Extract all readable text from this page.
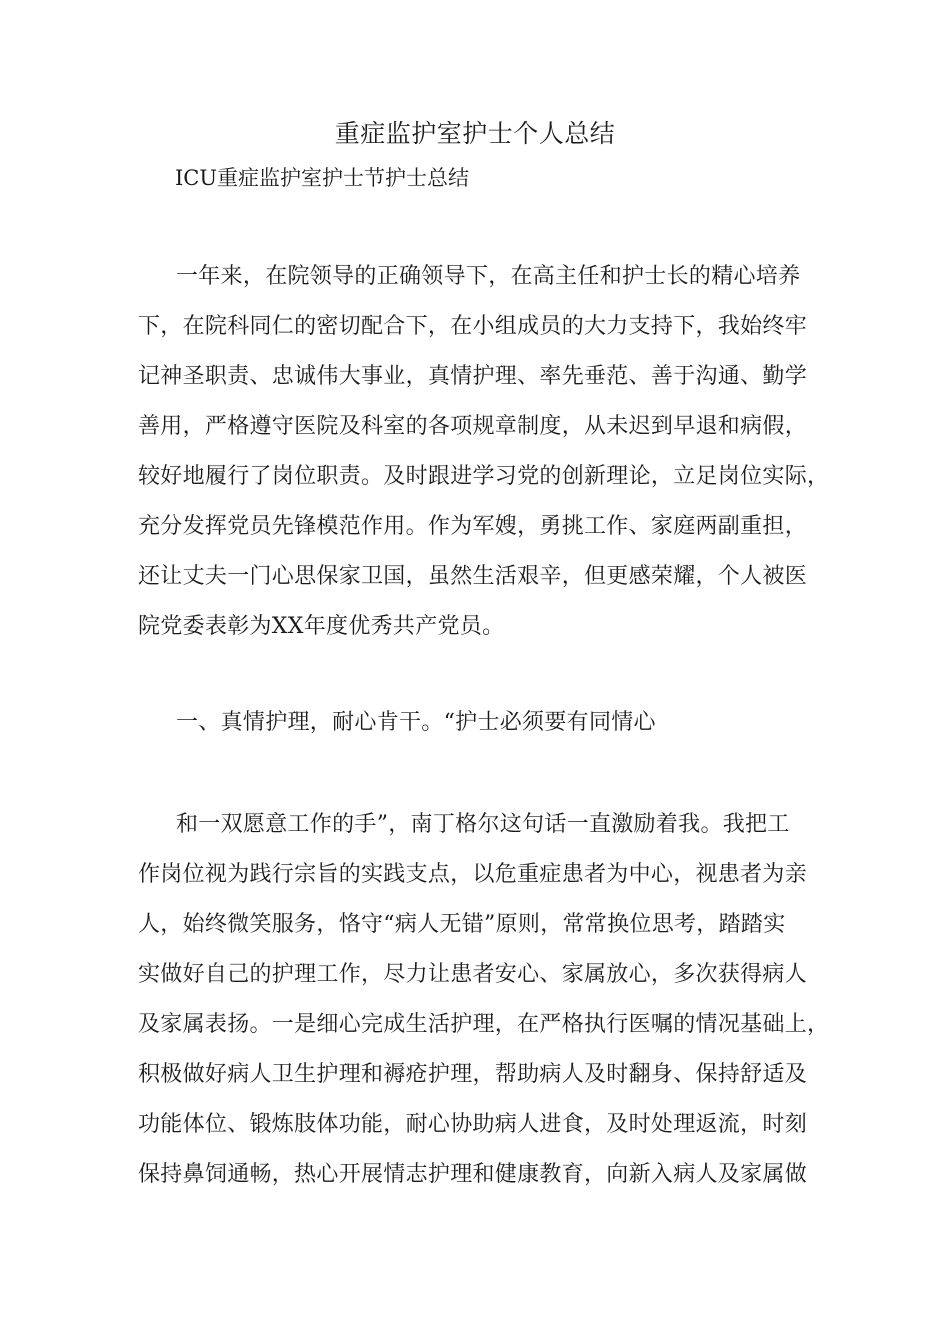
重症监护室护士个人总结
ICU重症监护室护士节护士总结
一年来，在院领导的正确领导下，在高主任和护士长的精心培养
下，在院科同仁的密切配合下，在小组成员的大力支持下，我始终牢
记神圣职责、忠诚伟大事业，真情护理、率先垂范、善于沟通、勤学
善用，严格遵守医院及科室的各项规章制度，从未迟到早退和病假，
较好地履行了岗位职责。及时跟进学习党的创新理论，立足岗位实际，
充分发挥党员先锋模范作用。作为军嫂，勇挑工作、家庭两副重担，
还让丈夫一门心思保家卫国，虽然生活艰辛，但更感荣耀，个人被医
院党委表彰为XX年度优秀共产党员。
一、真情护理，耐心肯干。“护士必须要有同情心
和一双愿意工作的手”，南丁格尔这句话一直激励着我。我把工
作岗位视为践行宗旨的实践支点，以危重症患者为中心，视患者为亲
人，始终微笑服务，恪守“病人无错”原则，常常换位思考，踏踏实
实做好自己的护理工作，尽力让患者安心、家属放心，多次获得病人
及家属表扬。一是细心完成生活护理，在严格执行医嘱的情况基础上，
积极做好病人卫生护理和褥疮护理，帮助病人及时翻身、保持舒适及
功能体位、锻炼肢体功能，耐心协助病人进食，及时处理返流，时刻
保持鼻饲通畅，热心开展情志护理和健康教育，向新入病人及家属做
